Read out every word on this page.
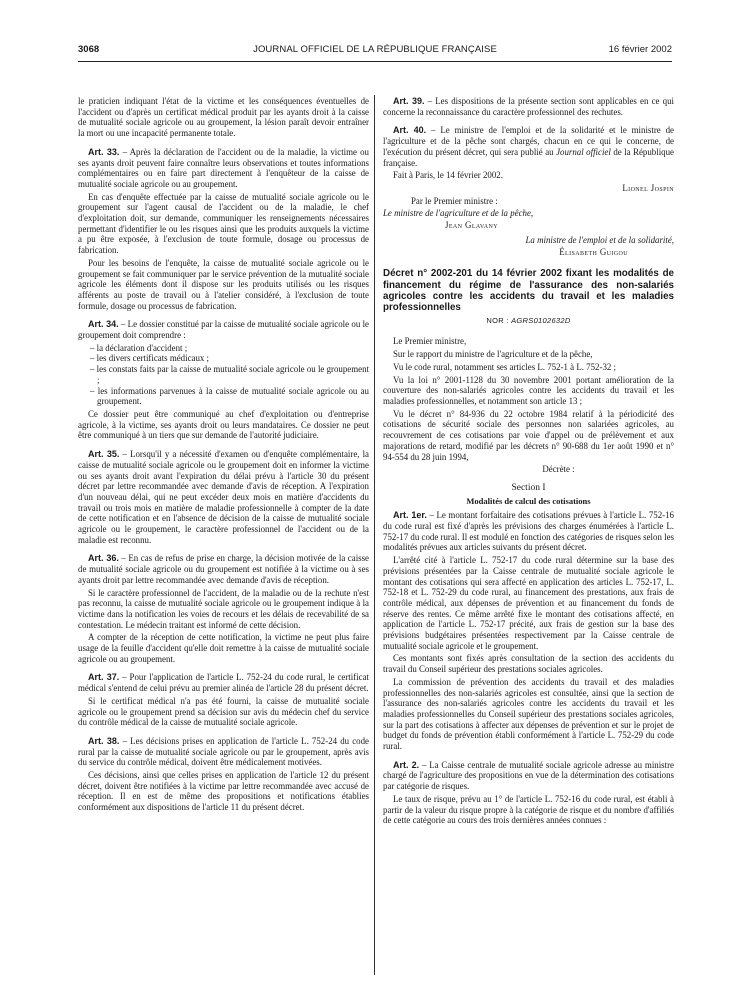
3068	JOURNAL OFFICIEL DE LA RÉPUBLIQUE FRANÇAISE	16 février 2002

le praticien indiquant l'état de la victime et les conséquences éventuelles de l'accident ou d'après un certificat médical produit par les ayants droit à la caisse de mutualité sociale agricole ou au groupement, la lésion paraît devoir entraîner la mort ou une incapacité permanente totale.

Art. 33. – Après la déclaration de l'accident ou de la maladie, la victime ou ses ayants droit peuvent faire connaître leurs observations et toutes informations complémentaires ou en faire part directement à l'enquêteur de la caisse de mutualité sociale agricole ou au groupement.

En cas d'enquête effectuée par la caisse de mutualité sociale agricole ou le groupement sur l'agent causal de l'accident ou de la maladie, le chef d'exploitation doit, sur demande, communiquer les renseignements nécessaires permettant d'identifier le ou les risques ainsi que les produits auxquels la victime a pu être exposée, à l'exclusion de toute formule, dosage ou processus de fabrication.

Pour les besoins de l'enquête, la caisse de mutualité sociale agricole ou le groupement se fait communiquer par le service prévention de la mutualité sociale agricole les éléments dont il dispose sur les produits utilisés ou les risques afférents au poste de travail ou à l'atelier considéré, à l'exclusion de toute formule, dosage ou processus de fabrication.

Art. 34. – Le dossier constitué par la caisse de mutualité sociale agricole ou le groupement doit comprendre :

– la déclaration d'accident ;
– les divers certificats médicaux ;
– les constats faits par la caisse de mutualité sociale agricole ou le groupement ;
– les informations parvenues à la caisse de mutualité sociale agricole ou au groupement.

Ce dossier peut être communiqué au chef d'exploitation ou d'entreprise agricole, à la victime, ses ayants droit ou leurs mandataires. Ce dossier ne peut être communiqué à un tiers que sur demande de l'autorité judiciaire.

Art. 35. – Lorsqu'il y a nécessité d'examen ou d'enquête complémentaire, la caisse de mutualité sociale agricole ou le groupement doit en informer la victime ou ses ayants droit avant l'expiration du délai prévu à l'article 30 du présent décret par lettre recommandée avec demande d'avis de réception. A l'expiration d'un nouveau délai, qui ne peut excéder deux mois en matière d'accidents du travail ou trois mois en matière de maladie professionnelle à compter de la date de cette notification et en l'absence de décision de la caisse de mutualité sociale agricole ou le groupement, le caractère professionnel de l'accident ou de la maladie est reconnu.

Art. 36. – En cas de refus de prise en charge, la décision motivée de la caisse de mutualité sociale agricole ou du groupement est notifiée à la victime ou à ses ayants droit par lettre recommandée avec demande d'avis de réception.

Si le caractère professionnel de l'accident, de la maladie ou de la rechute n'est pas reconnu, la caisse de mutualité sociale agricole ou le groupement indique à la victime dans la notification les voies de recours et les délais de recevabilité de sa contestation. Le médecin traitant est informé de cette décision.

A compter de la réception de cette notification, la victime ne peut plus faire usage de la feuille d'accident qu'elle doit remettre à la caisse de mutualité sociale agricole ou au groupement.

Art. 37. – Pour l'application de l'article L. 752-24 du code rural, le certificat médical s'entend de celui prévu au premier alinéa de l'article 28 du présent décret.

Si le certificat médical n'a pas été fourni, la caisse de mutualité sociale agricole ou le groupement prend sa décision sur avis du médecin chef du service du contrôle médical de la caisse de mutualité sociale agricole.

Art. 38. – Les décisions prises en application de l'article L. 752-24 du code rural par la caisse de mutualité sociale agricole ou par le groupement, après avis du service du contrôle médical, doivent être médicalement motivées.

Ces décisions, ainsi que celles prises en application de l'article 12 du présent décret, doivent être notifiées à la victime par lettre recommandée avec accusé de réception. Il en est de même des propositions et notifications établies conformément aux dispositions de l'article 11 du présent décret.

Art. 39. – Les dispositions de la présente section sont applicables en ce qui concerne la reconnaissance du caractère professionnel des rechutes.

Art. 40. – Le ministre de l'emploi et de la solidarité et le ministre de l'agriculture et de la pêche sont chargés, chacun en ce qui le concerne, de l'exécution du présent décret, qui sera publié au Journal officiel de la République française.

Fait à Paris, le 14 février 2002.

Lionel Jospin

Par le Premier ministre :

Le ministre de l'agriculture et de la pêche,

Jean Glavany

La ministre de l'emploi et de la solidarité,

Élisabeth Guigou

Décret n° 2002-201 du 14 février 2002 fixant les modalités de financement du régime de l'assurance des non-salariés agricoles contre les accidents du travail et les maladies professionnelles
NOR : AGRS0102632D

Le Premier ministre,

Sur le rapport du ministre de l'agriculture et de la pêche,

Vu le code rural, notamment ses articles L. 752-1 à L. 752-32 ;

Vu la loi n° 2001-1128 du 30 novembre 2001 portant amélioration de la couverture des non-salariés agricoles contre les accidents du travail et les maladies professionnelles, et notamment son article 13 ;

Vu le décret n° 84-936 du 22 octobre 1984 relatif à la périodicité des cotisations de sécurité sociale des personnes non salariées agricoles, au recouvrement de ces cotisations par voie d'appel ou de prélèvement et aux majorations de retard, modifié par les décrets n° 90-688 du 1er août 1990 et n° 94-554 du 28 juin 1994,

Décrète :

Section I
Modalités de calcul des cotisations

Art. 1er. – Le montant forfaitaire des cotisations prévues à l'article L. 752-16 du code rural est fixé d'après les prévisions des charges énumérées à l'article L. 752-17 du code rural. Il est modulé en fonction des catégories de risques selon les modalités prévues aux articles suivants du présent décret.

L'arrêté cité à l'article L. 752-17 du code rural détermine sur la base des prévisions présentées par la Caisse centrale de mutualité sociale agricole le montant des cotisations qui sera affecté en application des articles L. 752-17, L. 752-18 et L. 752-29 du code rural, au financement des prestations, aux frais de contrôle médical, aux dépenses de prévention et au financement du fonds de réserve des rentes. Ce même arrêté fixe le montant des cotisations affecté, en application de l'article L. 752-17 précité, aux frais de gestion sur la base des prévisions budgétaires présentées respectivement par la Caisse centrale de mutualité sociale agricole et le groupement.

Ces montants sont fixés après consultation de la section des accidents du travail du Conseil supérieur des prestations sociales agricoles.

La commission de prévention des accidents du travail et des maladies professionnelles des non-salariés agricoles est consultée, ainsi que la section de l'assurance des non-salariés agricoles contre les accidents du travail et les maladies professionnelles du Conseil supérieur des prestations sociales agricoles, sur la part des cotisations à affecter aux dépenses de prévention et sur le projet de budget du fonds de prévention établi conformément à l'article L. 752-29 du code rural.

Art. 2. – La Caisse centrale de mutualité sociale agricole adresse au ministre chargé de l'agriculture des propositions en vue de la détermination des cotisations par catégorie de risques.

Le taux de risque, prévu au 1° de l'article L. 752-16 du code rural, est établi à partir de la valeur du risque propre à la catégorie de risque et du nombre d'affiliés de cette catégorie au cours des trois dernières années connues :
